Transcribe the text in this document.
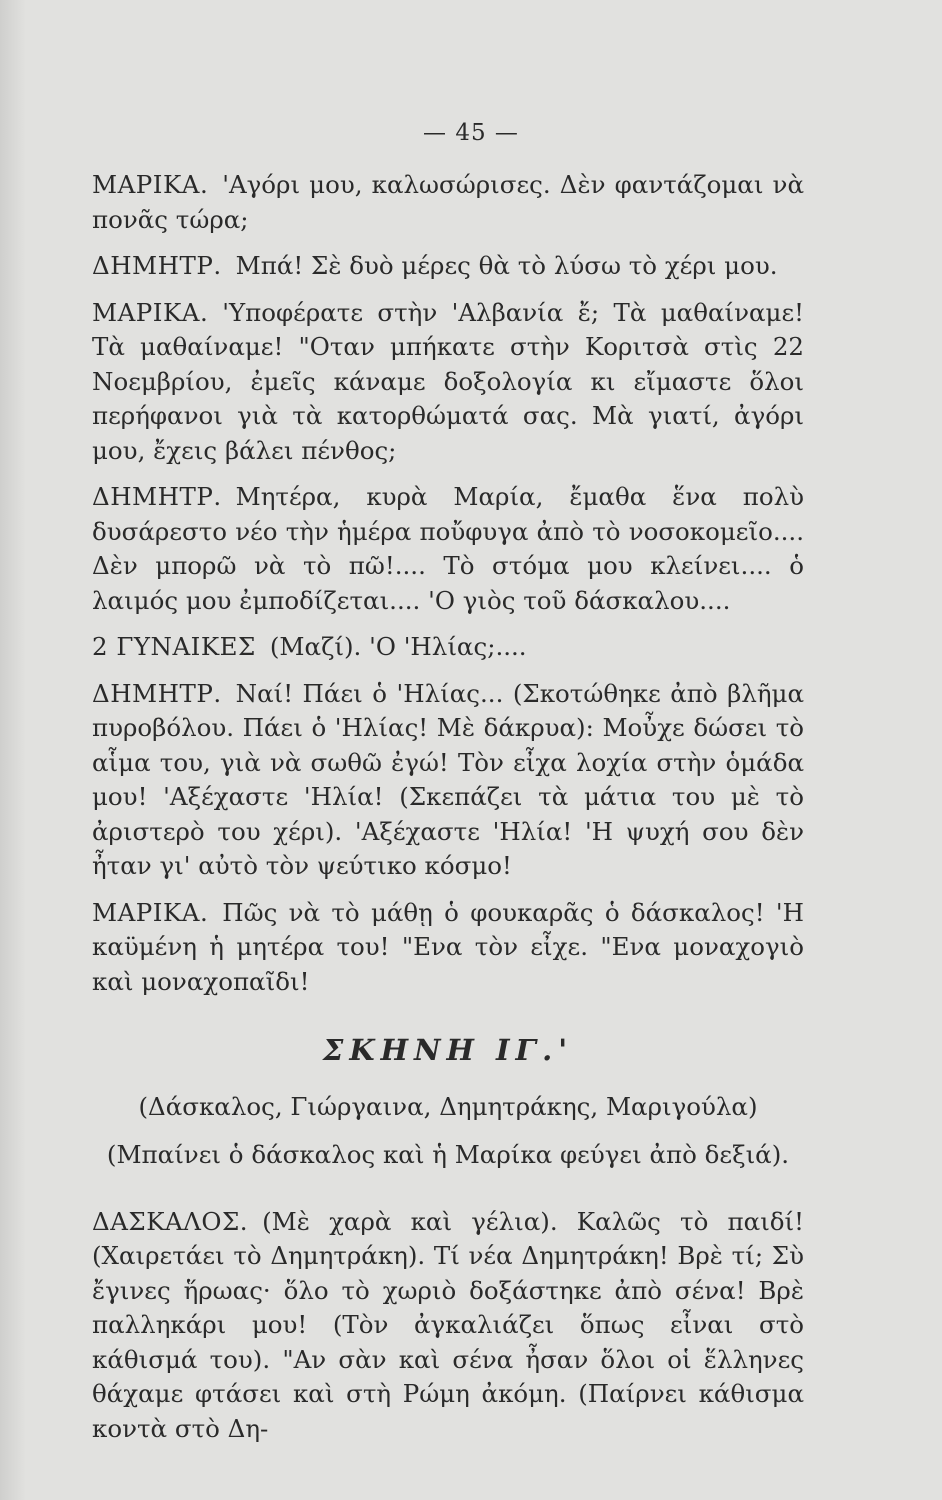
— 45 —

ΜΑΡΙΚΑ. 'Αγόρι μου, καλωσώρισες. Δὲν φαντάζομαι νὰ πονᾶς τώρα;

ΔΗΜΗΤΡ. Μπά! Σὲ δυὸ μέρες θὰ τὸ λύσω τὸ χέρι μου.

ΜΑΡΙΚΑ. 'Υποφέρατε στὴν 'Αλβανία ἔ; Τὰ μαθαίναμε! Τὰ μαθαίναμε! "Οταν μπήκατε στὴν Κοριτσὰ στὶς 22 Νοεμβρίου, ἐμεῖς κάναμε δοξολογία κι εἴμαστε ὅλοι περήφανοι γιὰ τὰ κατορθώματά σας. Μὰ γιατί, ἀγόρι μου, ἔχεις βάλει πένθος;

ΔΗΜΗΤΡ. Μητέρα, κυρὰ Μαρία, ἔμαθα ἕνα πολὺ δυσάρεστο νέο τὴν ἡμέρα ποὔφυγα ἀπὸ τὸ νοσοκομεῖο.... Δὲν μπορῶ νὰ τὸ πῶ!.... Τὸ στόμα μου κλείνει.... ὁ λαιμός μου ἐμποδίζεται.... 'Ο γιὸς τοῦ δάσκαλου....

2 ΓΥΝΑΙΚΕΣ (Μαζί). 'Ο 'Ηλίας;....

ΔΗΜΗΤΡ. Ναί! Πάει ὁ 'Ηλίας... (Σκοτώθηκε ἀπὸ βλῆμα πυροβόλου. Πάει ὁ 'Ηλίας! Μὲ δάκρυα): Μοὖχε δώσει τὸ αἷμα του, γιὰ νὰ σωθῶ ἐγώ! Τὸν εἶχα λοχία στὴν ὁμάδα μου! 'Αξέχαστε 'Ηλία! (Σκεπάζει τὰ μάτια του μὲ τὸ ἀριστερὸ του χέρι). 'Αξέχαστε 'Ηλία! 'Η ψυχή σου δὲν ἦταν γι' αὐτὸ τὸν ψεύτικο κόσμο!

ΜΑΡΙΚΑ. Πῶς νὰ τὸ μάθῃ ὁ φουκαρᾶς ὁ δάσκαλος! 'Η καϋμένη ἡ μητέρα του! "Ενα τὸν εἶχε. "Ενα μοναχογιὸ καὶ μοναχοπαῖδι!

ΣΚΗΝΗ ΙΓ.'
(Δάσκαλος, Γιώργαινα, Δημητράκης, Μαριγούλα)
(Μπαίνει ὁ δάσκαλος καὶ ἡ Μαρίκα φεύγει ἀπὸ δεξιά).

ΔΑΣΚΑΛΟΣ. (Μὲ χαρὰ καὶ γέλια). Καλῶς τὸ παιδί! (Χαιρετάει τὸ Δημητράκη). Τί νέα Δημητράκη! Βρὲ τί; Σὺ ἔγινες ἥρωας· ὅλο τὸ χωριὸ δοξάστηκε ἀπὸ σένα! Βρὲ παλληκάρι μου! (Τὸν ἀγκαλιάζει ὅπως εἶναι στὸ κάθισμά του). "Αν σὰν καὶ σένα ἦσαν ὅλοι οἱ ἕλληνες θάχαμε φτάσει καὶ στὴ Ρώμη ἀκόμη. (Παίρνει κάθισμα κοντὰ στὸ Δη-
